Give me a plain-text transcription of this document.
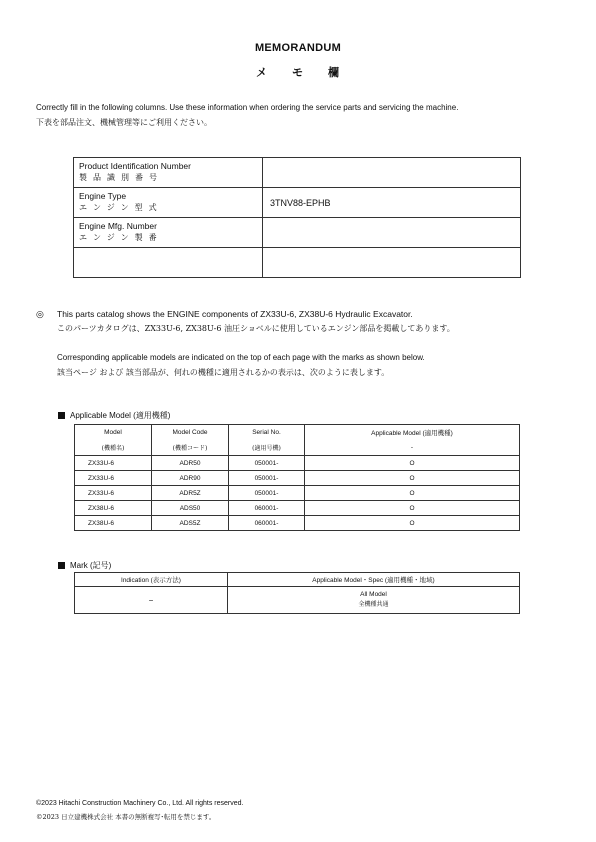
MEMORANDUM
メ　　モ　　欄
Correctly fill in the following columns. Use these information when ordering the service parts and servicing the machine.
下表を部品注文、機械管理等にご利用ください。
Product Identification Number
製品識別番号	

Engine Type
エンジン型式	3TNV88-EPHB

Engine Mfg. Number
エンジン製番	

◎ This parts catalog shows the ENGINE components of ZX33U-6, ZX38U-6 Hydraulic Excavator.
このパーツカタログは、ZX33U-6, ZX38U-6 油圧ショベルに使用しているエンジン部品を掲載してあります。
Corresponding applicable models are indicated on the top of each page with the marks as shown below.
該当ページ および 該当部品が、何れの機種に適用されるかの表示は、次のように表します。
Applicable Model (適用機種)
Model	Model Code	Serial No.	Applicable Model (適用機種)
(機種名)	(機種コード)	(適用号機)	-
ZX33U-6	ADR50	050001-	O
ZX33U-6	ADR90	050001-	O
ZX33U-6	ADR5Z	050001-	O
ZX38U-6	ADS50	060001-	O
ZX38U-6	ADS5Z	060001-	O
Mark (記号)
Indication (表示方法)	Applicable Model・Spec (適用機種・地域)
−	All Model
全機種共通
©2023 Hitachi Construction Machinery Co., Ltd. All rights reserved.
©2023 日立建機株式会社 本書の無断複写･転用を禁じます。
